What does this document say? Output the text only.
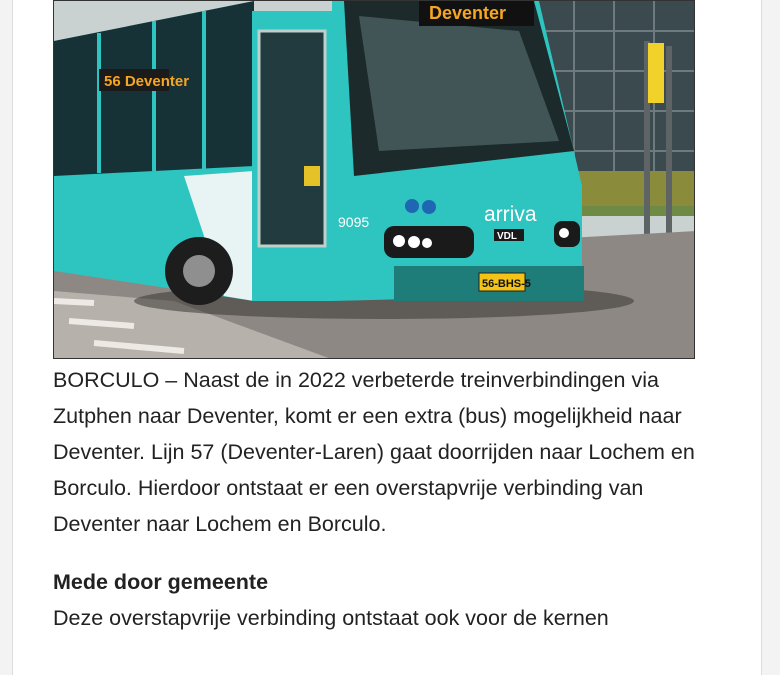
56 Deventer
Deventer
arriva
VDL
9095
56-BHS-5

BORCULO – Naast de in 2022 verbeterde treinverbindingen via Zutphen naar Deventer, komt er een extra (bus) mogelijkheid naar Deventer. Lijn 57 (Deventer-Laren) gaat doorrijden naar Lochem en Borculo. Hierdoor ontstaat er een overstapvrije verbinding van Deventer naar Lochem en Borculo.

Mede door gemeente

Deze overstapvrije verbinding ontstaat ook voor de kernen
